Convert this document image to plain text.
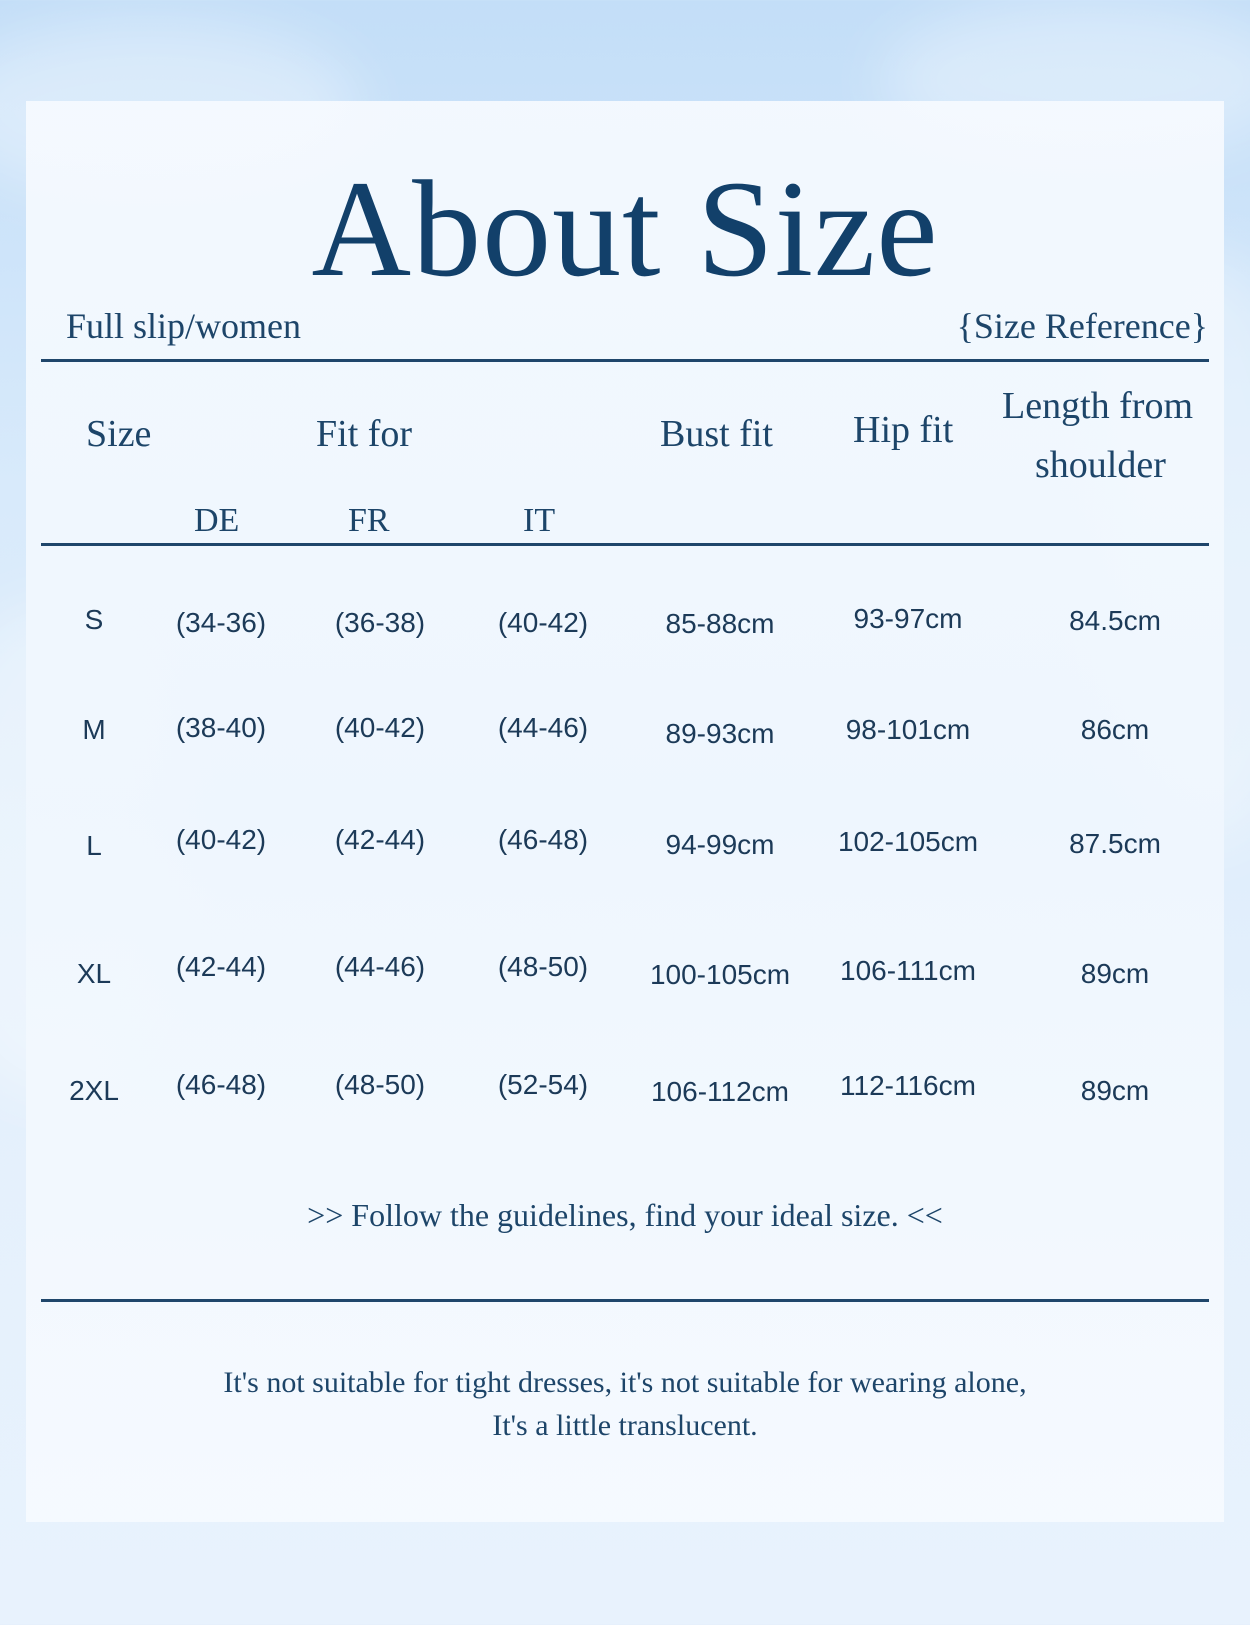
About Size
Full slip/women	{Size Reference}
Size	Fit for	Bust fit Hip fit
Length from
shoulder
DE	FR	IT
S	(34-36)	(36-38)	(40-42)	85-88cm	93-97cm	84.5cm
M	(38-40)	(40-42)	(44-46)	89-93cm	98-101cm	86cm
L	(40-42)	(42-44)	(46-48)	94-99cm	102-105cm	87.5cm
XL	(42-44)	(44-46)	(48-50)	100-105cm	106-111cm	89cm
2XL	(46-48)	(48-50)	(52-54)	106-112cm	112-116cm	89cm
>> Follow the guidelines, find your ideal size. <<
It's not suitable for tight dresses, it's not suitable for wearing alone,
It's a little translucent.
